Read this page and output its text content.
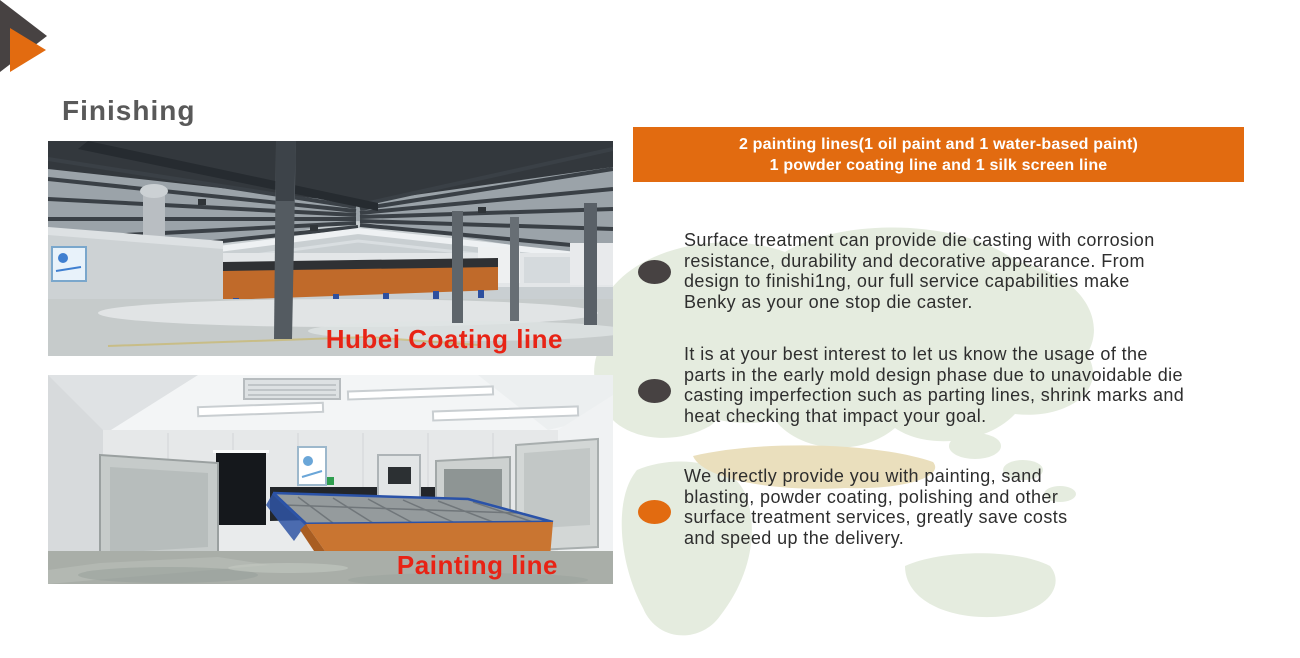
Finishing
Hubei Coating line
Painting line
2 painting lines(1 oil paint and 1 water-based paint)
1 powder coating line and 1 silk screen line
Surface treatment can provide die casting with corrosion
resistance, durability and decorative appearance. From
design to finishi1ng, our full service capabilities make
Benky as your one stop die caster.
It is at your best interest to let us know the usage of the
parts in the early mold design phase due to unavoidable die
casting imperfection such as parting lines, shrink marks and
heat checking that impact your goal.
We directly provide you with painting, sand
blasting, powder coating, polishing and other
surface treatment services, greatly save costs
and speed up the delivery.
